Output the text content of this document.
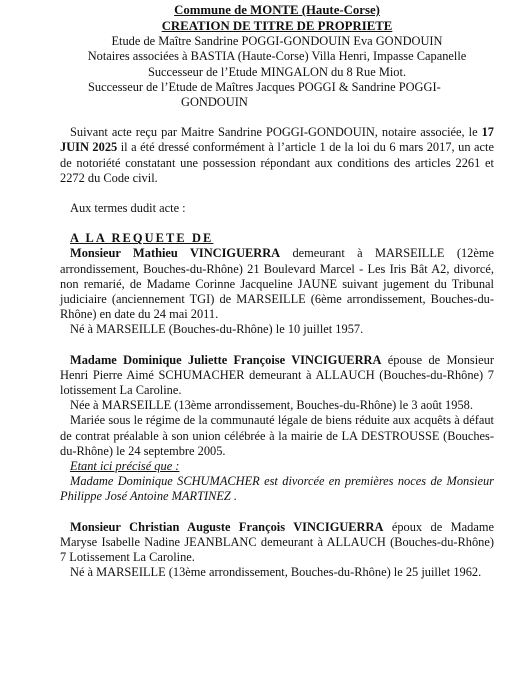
Commune de MONTE (Haute-Corse)

CREATION DE TITRE DE PROPRIETE

Etude de Maître Sandrine POGGI-GONDOUIN Eva GONDOUIN

Notaires associées à BASTIA (Haute-Corse) Villa Henri, Impasse Capanelle

Successeur de l’Etude MINGALON du 8 Rue Miot.

Successeur de l’Etude de Maîtres Jacques POGGI & Sandrine POGGI-

GONDOUIN

Suivant acte reçu par Maitre Sandrine POGGI-GONDOUIN, notaire associée, le 17 JUIN 2025 il a été dressé conformément à l’article 1 de la loi du 6 mars 2017, un acte de notoriété constatant une possession répondant aux conditions des articles 2261 et 2272 du Code civil.

Aux termes dudit acte :

A LA REQUETE DE

Monsieur Mathieu VINCIGUERRA demeurant à MARSEILLE (12ème arrondissement, Bouches-du-Rhône) 21 Boulevard Marcel - Les Iris Bât A2, divorcé, non remarié, de Madame Corinne Jacqueline JAUNE suivant jugement du Tribunal judiciaire (anciennement TGI) de MARSEILLE (6ème arrondissement, Bouches-du-Rhône) en date du 24 mai 2011.

Né à MARSEILLE (Bouches-du-Rhône) le 10 juillet 1957.

Madame Dominique Juliette Françoise VINCIGUERRA épouse de Monsieur Henri Pierre Aimé SCHUMACHER demeurant à ALLAUCH (Bouches-du-Rhône) 7 lotissement La Caroline.

Née à MARSEILLE (13ème arrondissement, Bouches-du-Rhône) le 3 août 1958.

Mariée sous le régime de la communauté légale de biens réduite aux acquêts à défaut de contrat préalable à son union célébrée à la mairie de LA DESTROUSSE (Bouches-du-Rhône) le 24 septembre 2005.

Etant ici précisé que :

Madame Dominique SCHUMACHER est divorcée en premières noces de Monsieur Philippe José Antoine MARTINEZ .

Monsieur Christian Auguste François VINCIGUERRA époux de Madame Maryse Isabelle Nadine JEANBLANC demeurant à ALLAUCH (Bouches-du-Rhône) 7 Lotissement La Caroline.

Né à MARSEILLE (13ème arrondissement, Bouches-du-Rhône) le 25 juillet 1962.
